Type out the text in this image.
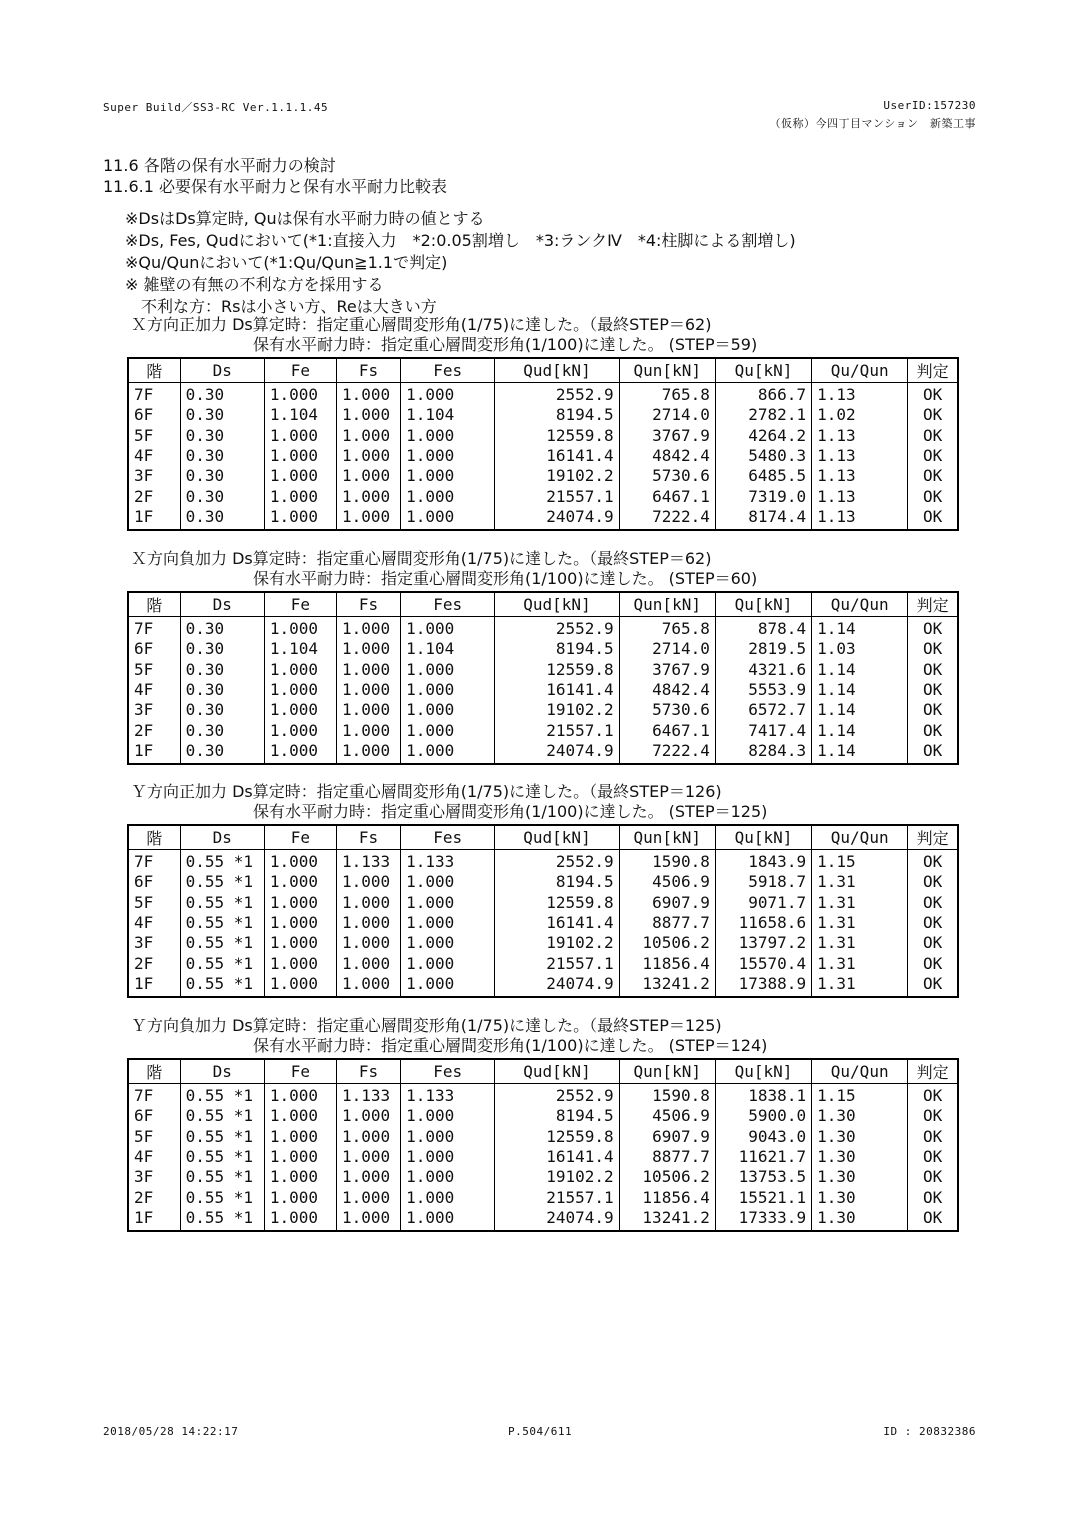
Super Build／SS3-RC Ver.1.1.1.45	UserID:157230
（仮称）今四丁目マンション　新築工事
11.6 各階の保有水平耐力の検討
11.6.1 必要保有水平耐力と保有水平耐力比較表
※DsはDs算定時, Quは保有水平耐力時の値とする
※Ds, Fes, Qudにおいて(*1:直接入力　*2:0.05割増し　*3:ランクⅣ　*4:柱脚による割増し)
※Qu/Qunにおいて(*1:Qu/Qun≧1.1で判定)
※ 雑壁の有無の不利な方を採用する
　不利な方：Rsは小さい方、Reは大きい方
Ｘ方向正加力 Ds算定時：指定重心層間変形角(1/75)に達した。（最終STEP＝62)
保有水平耐力時：指定重心層間変形角(1/100)に達した。 (STEP＝59)
階	Ds	Fe	Fs	Fes	Qud[kN]	Qun[kN]	Qu[kN]	Qu/Qun	判定
7F	0.30	1.000	1.000	1.000	2552.9	765.8	866.7	1.13	OK
6F	0.30	1.104	1.000	1.104	8194.5	2714.0	2782.1	1.02	OK
5F	0.30	1.000	1.000	1.000	12559.8	3767.9	4264.2	1.13	OK
4F	0.30	1.000	1.000	1.000	16141.4	4842.4	5480.3	1.13	OK
3F	0.30	1.000	1.000	1.000	19102.2	5730.6	6485.5	1.13	OK
2F	0.30	1.000	1.000	1.000	21557.1	6467.1	7319.0	1.13	OK
1F	0.30	1.000	1.000	1.000	24074.9	7222.4	8174.4	1.13	OK
Ｘ方向負加力 Ds算定時：指定重心層間変形角(1/75)に達した。（最終STEP＝62)
保有水平耐力時：指定重心層間変形角(1/100)に達した。 (STEP＝60)
階	Ds	Fe	Fs	Fes	Qud[kN]	Qun[kN]	Qu[kN]	Qu/Qun	判定
7F	0.30	1.000	1.000	1.000	2552.9	765.8	878.4	1.14	OK
6F	0.30	1.104	1.000	1.104	8194.5	2714.0	2819.5	1.03	OK
5F	0.30	1.000	1.000	1.000	12559.8	3767.9	4321.6	1.14	OK
4F	0.30	1.000	1.000	1.000	16141.4	4842.4	5553.9	1.14	OK
3F	0.30	1.000	1.000	1.000	19102.2	5730.6	6572.7	1.14	OK
2F	0.30	1.000	1.000	1.000	21557.1	6467.1	7417.4	1.14	OK
1F	0.30	1.000	1.000	1.000	24074.9	7222.4	8284.3	1.14	OK
Ｙ方向正加力 Ds算定時：指定重心層間変形角(1/75)に達した。（最終STEP＝126)
保有水平耐力時：指定重心層間変形角(1/100)に達した。 (STEP＝125)
階	Ds	Fe	Fs	Fes	Qud[kN]	Qun[kN]	Qu[kN]	Qu/Qun	判定
7F	0.55 *1	1.000	1.133	1.133	2552.9	1590.8	1843.9	1.15	OK
6F	0.55 *1	1.000	1.000	1.000	8194.5	4506.9	5918.7	1.31	OK
5F	0.55 *1	1.000	1.000	1.000	12559.8	6907.9	9071.7	1.31	OK
4F	0.55 *1	1.000	1.000	1.000	16141.4	8877.7	11658.6	1.31	OK
3F	0.55 *1	1.000	1.000	1.000	19102.2	10506.2	13797.2	1.31	OK
2F	0.55 *1	1.000	1.000	1.000	21557.1	11856.4	15570.4	1.31	OK
1F	0.55 *1	1.000	1.000	1.000	24074.9	13241.2	17388.9	1.31	OK
Ｙ方向負加力 Ds算定時：指定重心層間変形角(1/75)に達した。（最終STEP＝125)
保有水平耐力時：指定重心層間変形角(1/100)に達した。 (STEP＝124)
階	Ds	Fe	Fs	Fes	Qud[kN]	Qun[kN]	Qu[kN]	Qu/Qun	判定
7F	0.55 *1	1.000	1.133	1.133	2552.9	1590.8	1838.1	1.15	OK
6F	0.55 *1	1.000	1.000	1.000	8194.5	4506.9	5900.0	1.30	OK
5F	0.55 *1	1.000	1.000	1.000	12559.8	6907.9	9043.0	1.30	OK
4F	0.55 *1	1.000	1.000	1.000	16141.4	8877.7	11621.7	1.30	OK
3F	0.55 *1	1.000	1.000	1.000	19102.2	10506.2	13753.5	1.30	OK
2F	0.55 *1	1.000	1.000	1.000	21557.1	11856.4	15521.1	1.30	OK
1F	0.55 *1	1.000	1.000	1.000	24074.9	13241.2	17333.9	1.30	OK
2018/05/28 14:22:17	P.504/611	ID : 20832386
